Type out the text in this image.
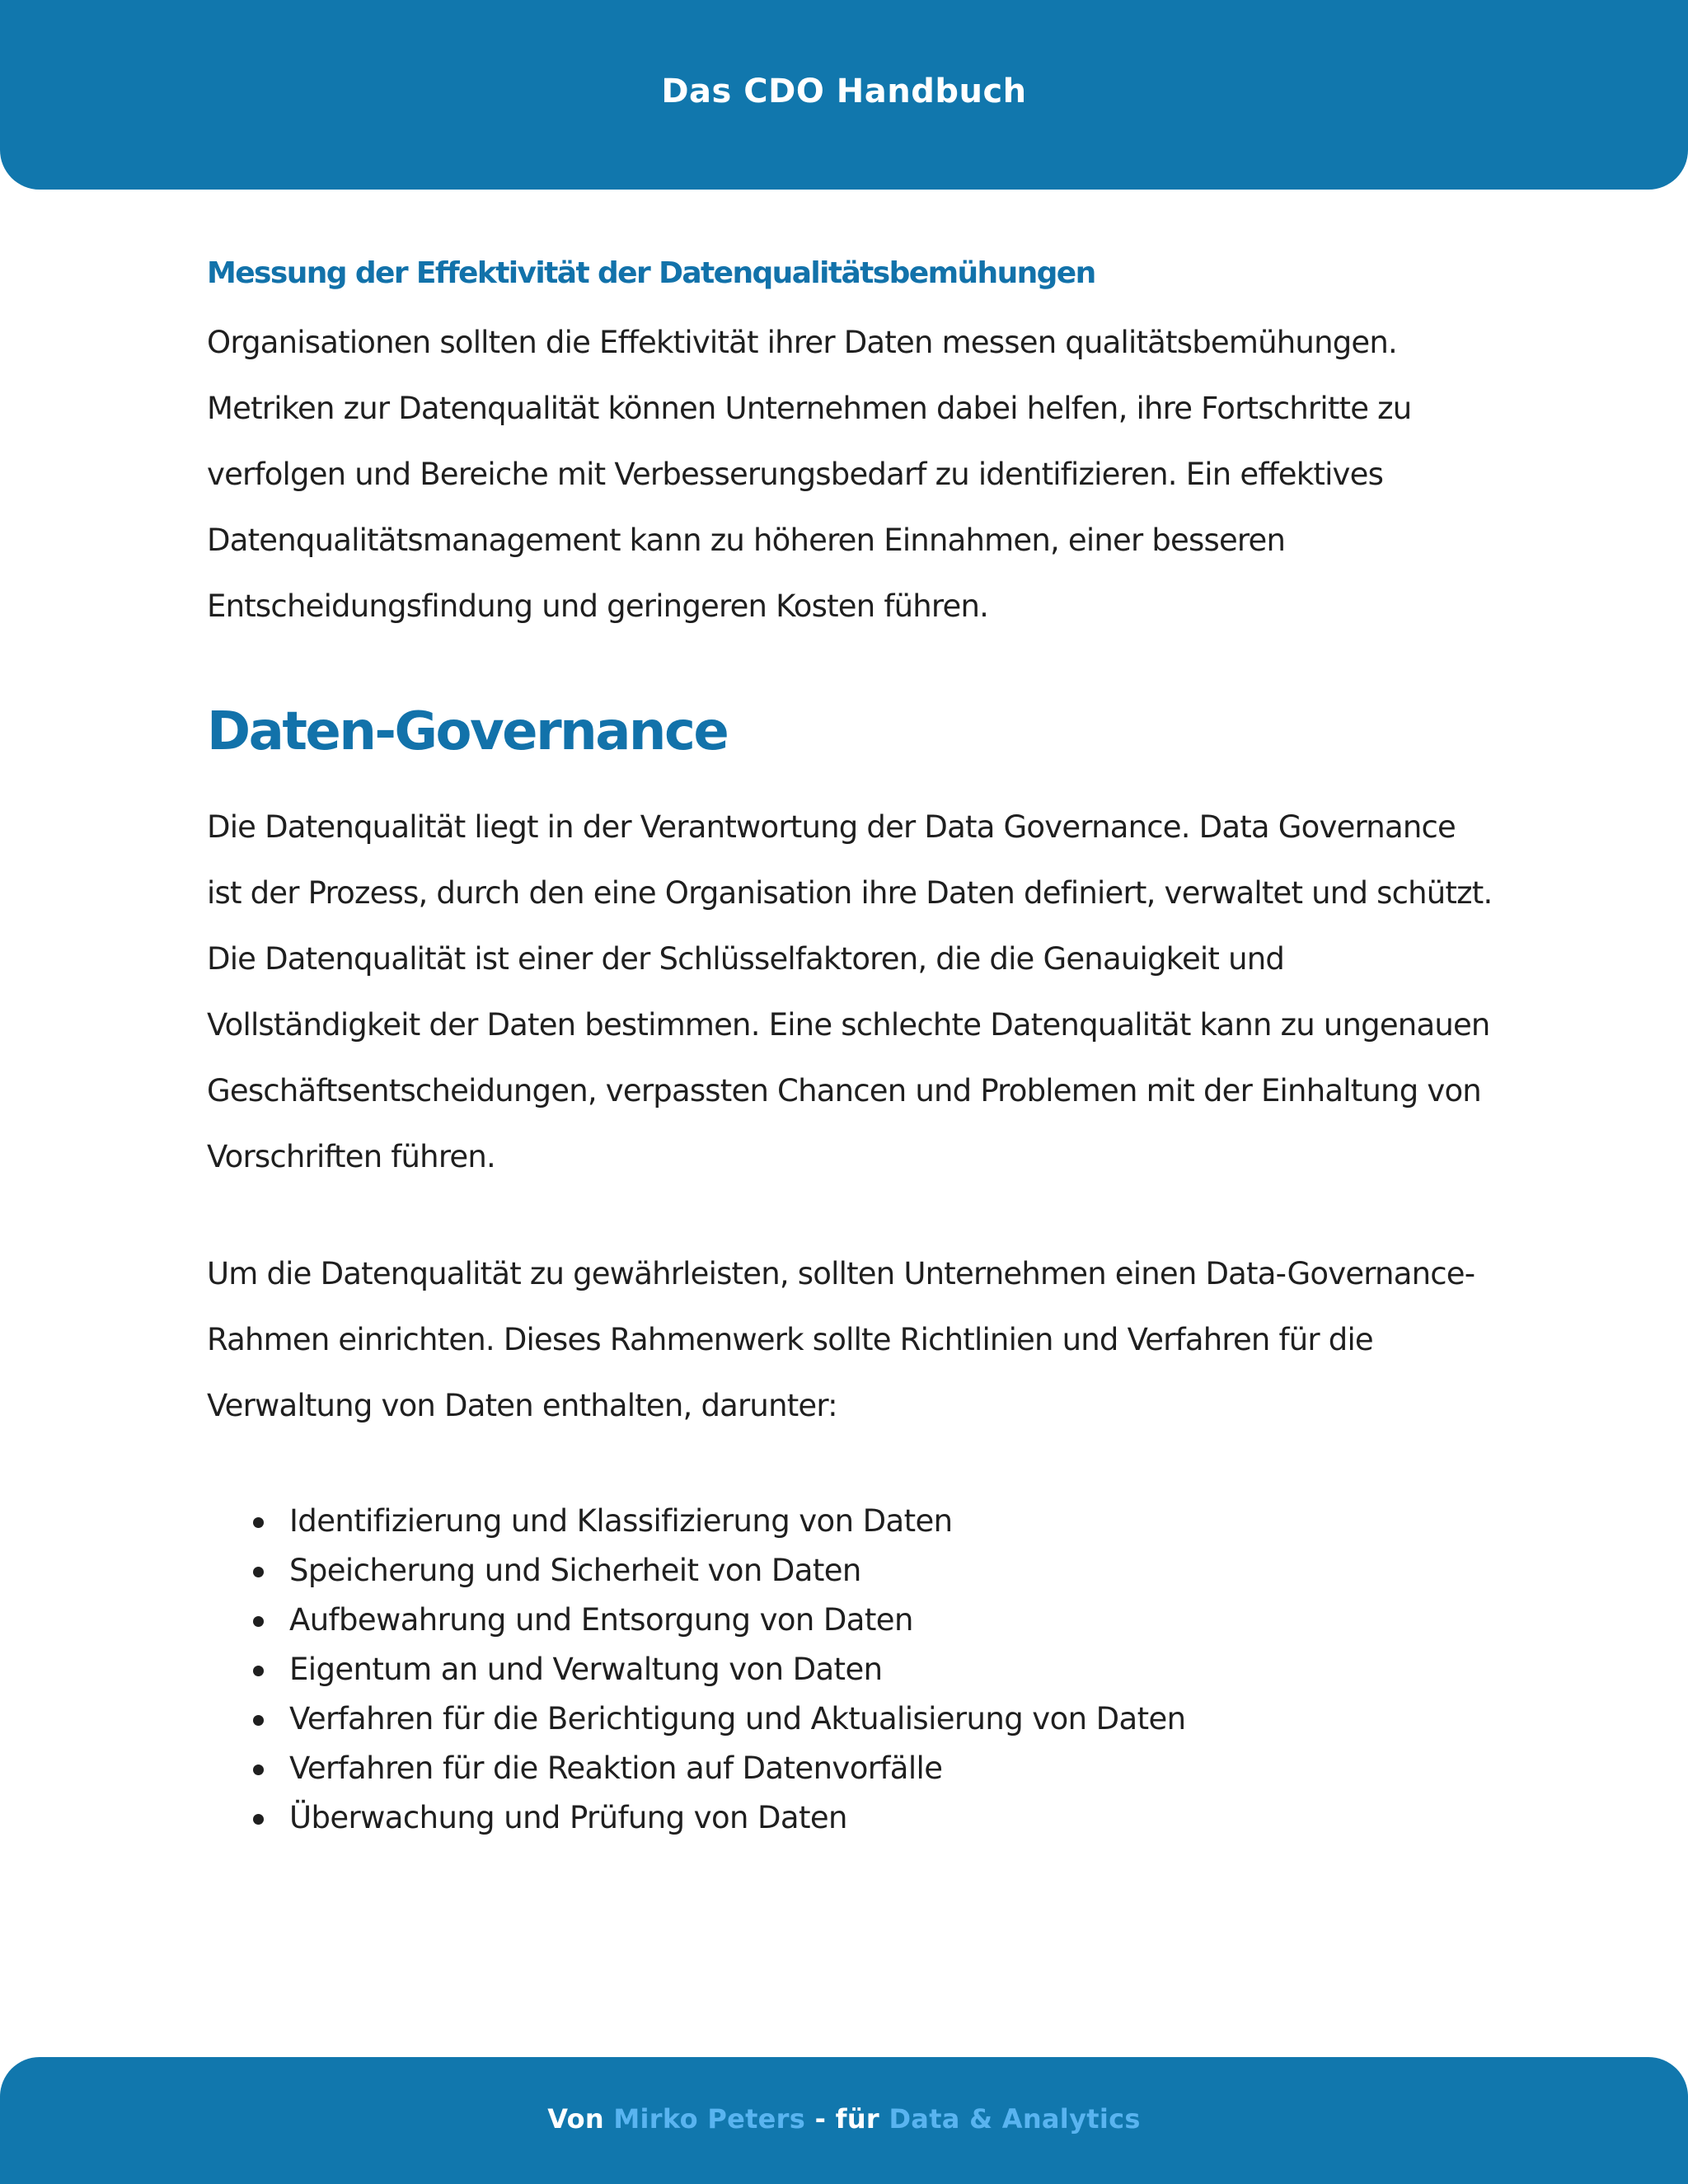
Das CDO Handbuch
Messung der Effektivität der Datenqualitätsbemühungen

Organisationen sollten die Effektivität ihrer Daten messen qualitätsbemühungen. Metriken zur Datenqualität können Unternehmen dabei helfen, ihre Fortschritte zu verfolgen und Bereiche mit Verbesserungsbedarf zu identifizieren. Ein effektives Datenqualitätsmanagement kann zu höheren Einnahmen, einer besseren Entscheidungsfindung und geringeren Kosten führen.

Daten-Governance

Die Datenqualität liegt in der Verantwortung der Data Governance. Data Governance ist der Prozess, durch den eine Organisation ihre Daten definiert, verwaltet und schützt. Die Datenqualität ist einer der Schlüsselfaktoren, die die Genauigkeit und Vollständigkeit der Daten bestimmen. Eine schlechte Datenqualität kann zu ungenauen Geschäftsentscheidungen, verpassten Chancen und Problemen mit der Einhaltung von Vorschriften führen.

Um die Datenqualität zu gewährleisten, sollten Unternehmen einen Data-Governance-Rahmen einrichten. Dieses Rahmenwerk sollte Richtlinien und Verfahren für die Verwaltung von Daten enthalten, darunter:

Identifizierung und Klassifizierung von Daten
Speicherung und Sicherheit von Daten
Aufbewahrung und Entsorgung von Daten
Eigentum an und Verwaltung von Daten
Verfahren für die Berichtigung und Aktualisierung von Daten
Verfahren für die Reaktion auf Datenvorfälle
Überwachung und Prüfung von Daten
Von Mirko Peters - für Data & Analytics
